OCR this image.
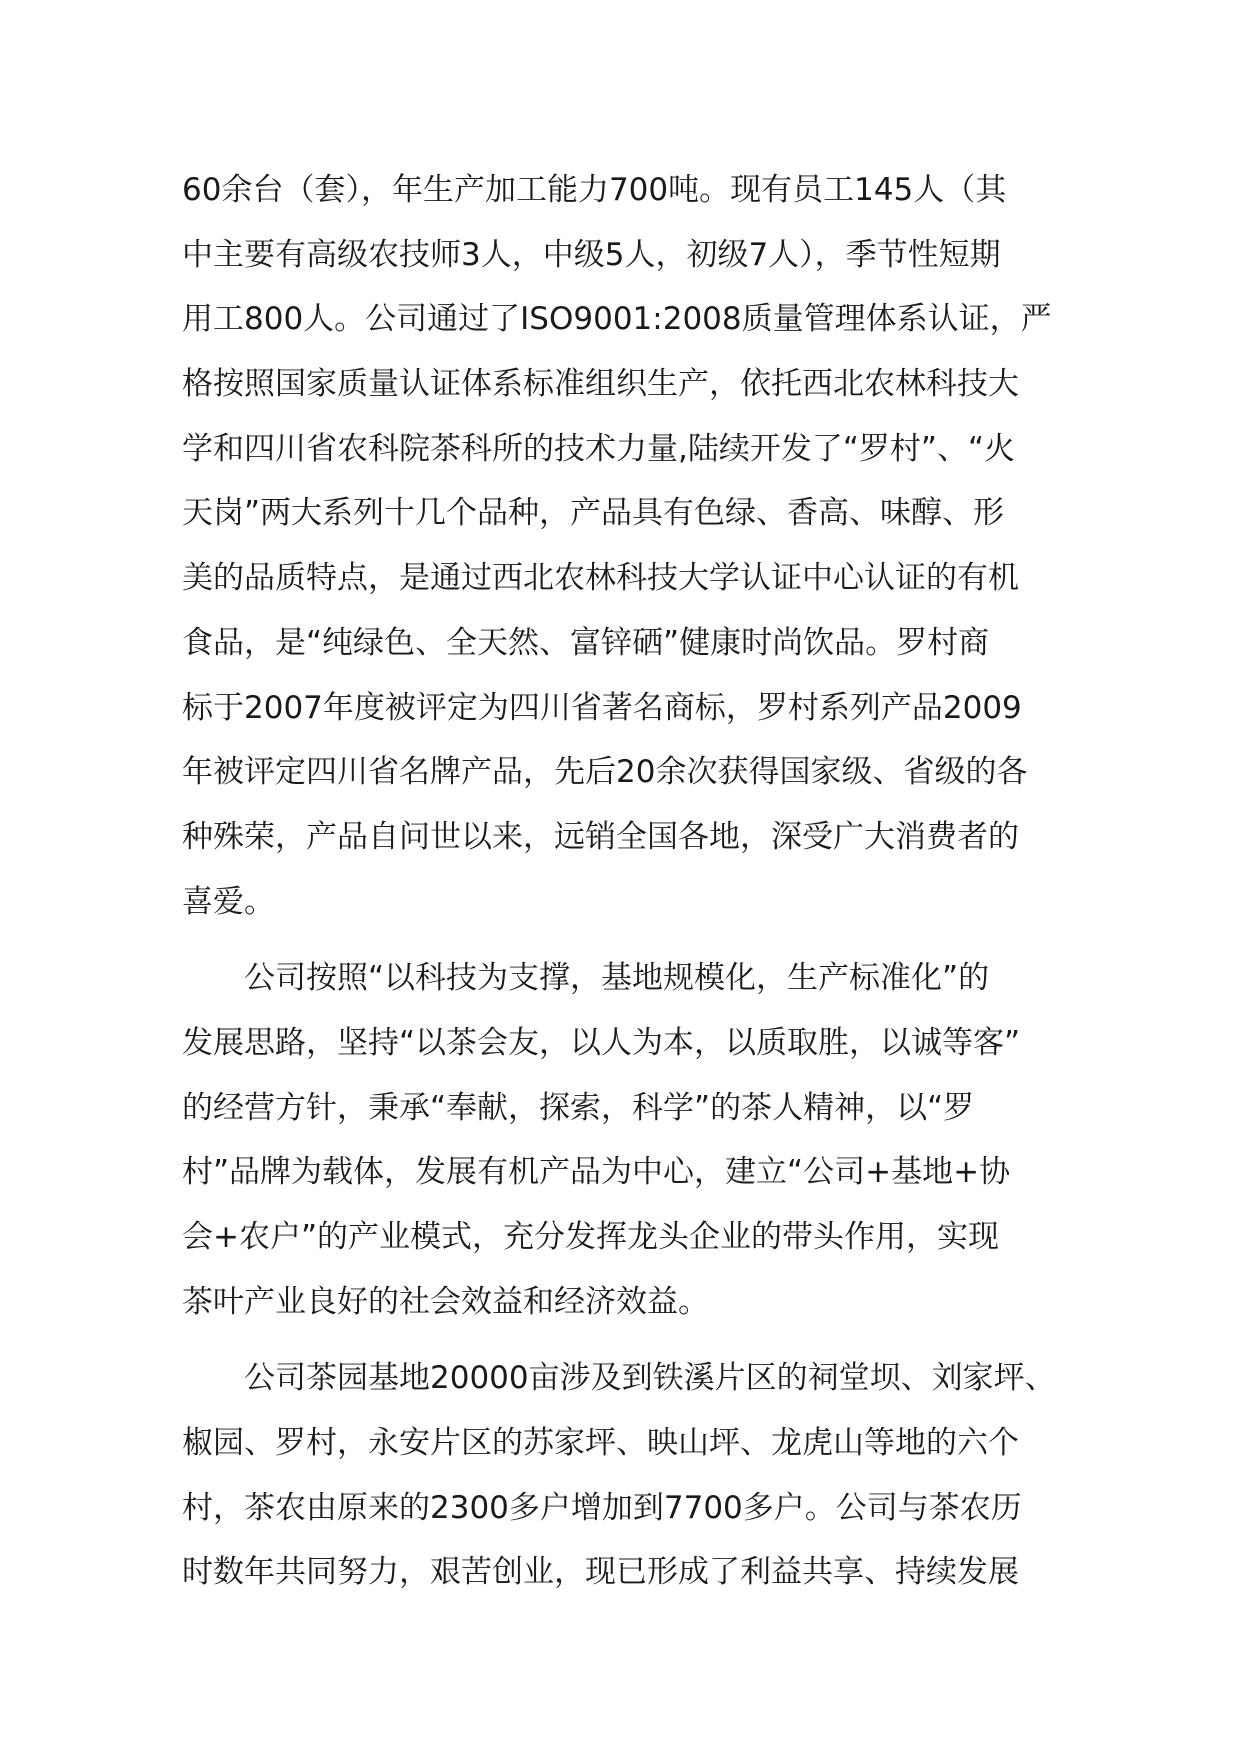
60余台（套），年生产加工能力700吨。现有员工145人（其
中主要有高级农技师3人，中级5人，初级7人），季节性短期
用工800人。公司通过了ISO9001:2008质量管理体系认证，严
格按照国家质量认证体系标准组织生产，依托西北农林科技大
学和四川省农科院茶科所的技术力量,陆续开发了“罗村”、“火
天岗”两大系列十几个品种，产品具有色绿、香高、味醇、形
美的品质特点，是通过西北农林科技大学认证中心认证的有机
食品，是“纯绿色、全天然、富锌硒”健康时尚饮品。罗村商
标于2007年度被评定为四川省著名商标，罗村系列产品2009
年被评定四川省名牌产品，先后20余次获得国家级、省级的各
种殊荣，产品自问世以来，远销全国各地，深受广大消费者的
喜爱。
　　公司按照“以科技为支撑，基地规模化，生产标准化”的
发展思路，坚持“以茶会友，以人为本，以质取胜，以诚等客”
的经营方针，秉承“奉献，探索，科学”的茶人精神，以“罗
村”品牌为载体，发展有机产品为中心，建立“公司+基地+协
会+农户”的产业模式，充分发挥龙头企业的带头作用，实现
茶叶产业良好的社会效益和经济效益。
　　公司茶园基地20000亩涉及到铁溪片区的祠堂坝、刘家坪、
椒园、罗村，永安片区的苏家坪、映山坪、龙虎山等地的六个
村，茶农由原来的2300多户增加到7700多户。公司与茶农历
时数年共同努力，艰苦创业，现已形成了利益共享、持续发展
